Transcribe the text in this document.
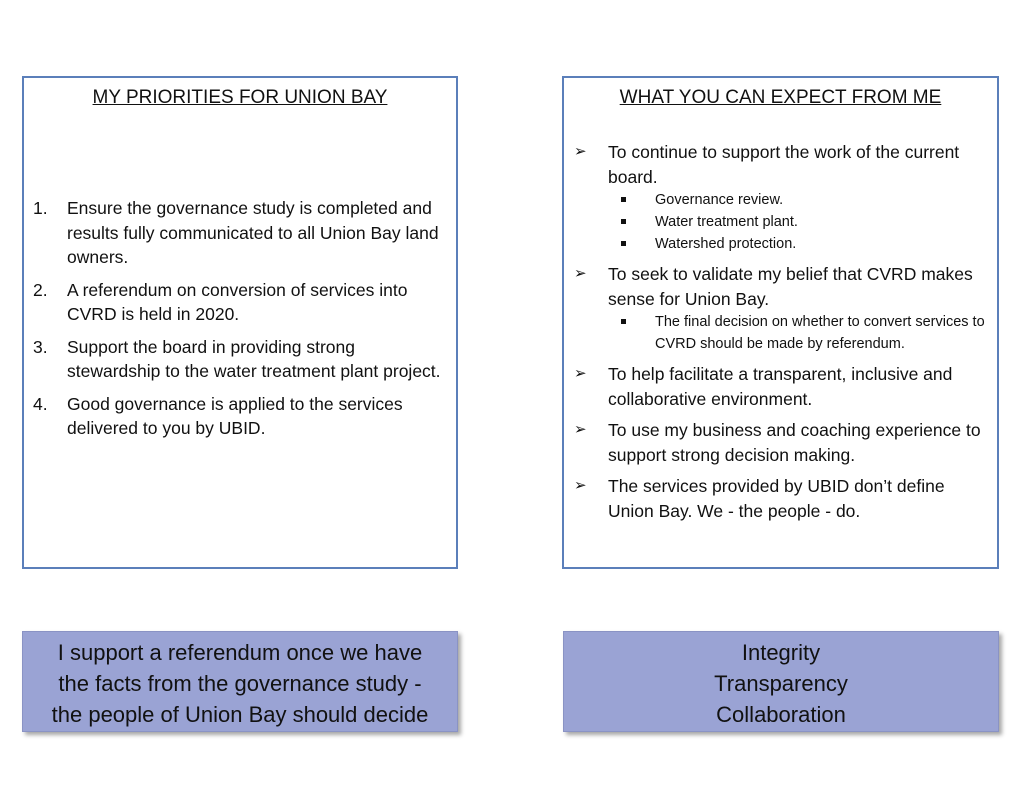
MY PRIORITIES FOR UNION BAY
1. Ensure the governance study is completed and results fully communicated to all Union Bay land owners.
2. A referendum on conversion of services into CVRD is held in 2020.
3. Support the board in providing strong stewardship to the water treatment plant project.
4. Good governance is applied to the services delivered to you by UBID.
WHAT YOU CAN EXPECT FROM ME
➢ To continue to support the work of the current board.
Governance review.
Water treatment plant.
Watershed protection.
➢ To seek to validate my belief that CVRD makes sense for Union Bay.
The final decision on whether to convert services to CVRD should be made by referendum.
➢ To help facilitate a transparent, inclusive and collaborative environment.
➢ To use my business and coaching experience to support strong decision making.
➢ The services provided by UBID don’t define Union Bay. We - the people - do.
I support a referendum once we have
the facts from the governance study -
the people of Union Bay should decide
Integrity
Transparency
Collaboration
